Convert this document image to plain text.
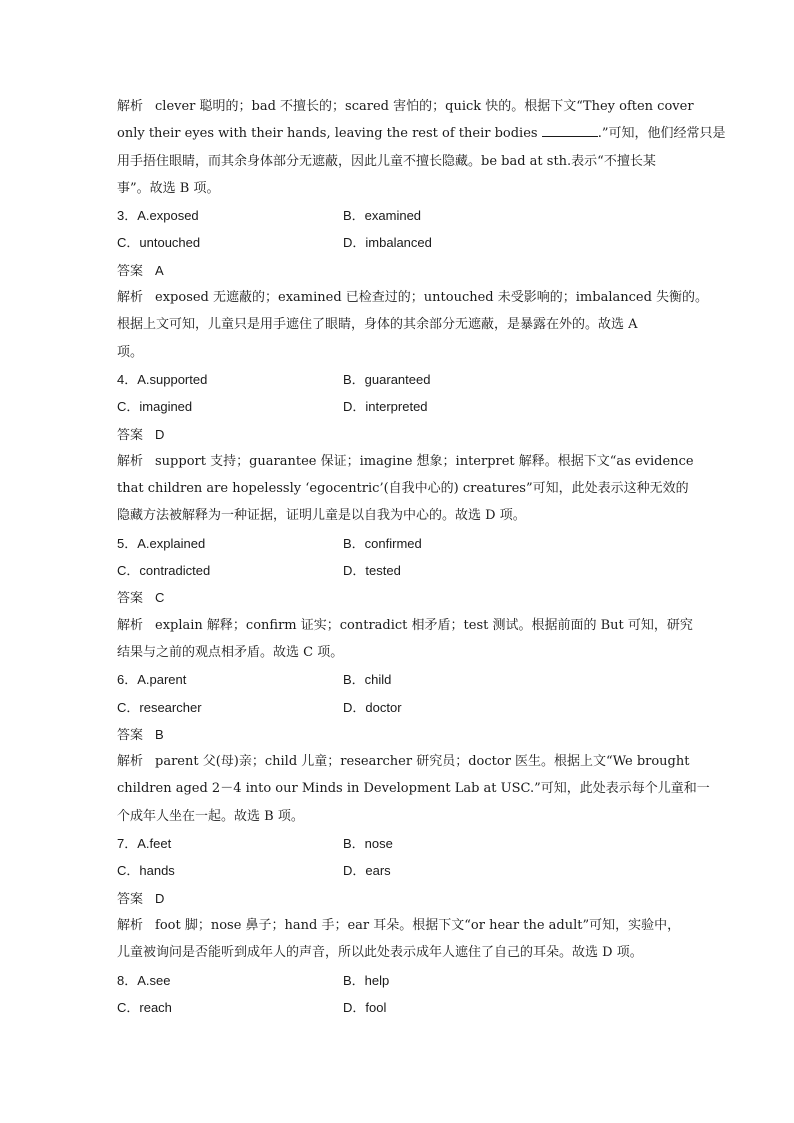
解析 clever 聪明的；bad 不擅长的；scared 害怕的；quick 快的。根据下文“They often cover
only their eyes with their hands, leaving the rest of their bodies	.”可知，他们经常只是
用手捂住眼睛，而其余身体部分无遮蔽，因此儿童不擅长隐藏。be bad at sth.表示“不擅长某
事”。故选 B 项。
3．A.exposed	B．examined
C．untouched	D．imbalanced
答案 A
解析 exposed 无遮蔽的；examined 已检查过的；untouched 未受影响的；imbalanced 失衡的。
根据上文可知，儿童只是用手遮住了眼睛，身体的其余部分无遮蔽，是暴露在外的。故选 A
项。
4．A.supported	B．guaranteed
C．imagined	D．interpreted
答案 D
解析 support 支持；guarantee 保证；imagine 想象；interpret 解释。根据下文“as evidence
that children are hopelessly ‘egocentric’(自我中心的) creatures”可知，此处表示这种无效的
隐藏方法被解释为一种证据，证明儿童是以自我为中心的。故选 D 项。
5．A.explained	B．confirmed
C．contradicted	D．tested
答案 C
解析 explain 解释；confirm 证实；contradict 相矛盾；test 测试。根据前面的 But 可知，研究
结果与之前的观点相矛盾。故选 C 项。
6．A.parent	B．child
C．researcher	D．doctor
答案 B
解析 parent 父(母)亲；child 儿童；researcher 研究员；doctor 医生。根据上文“We brought
children aged 2－4 into our Minds in Development Lab at USC.”可知，此处表示每个儿童和一
个成年人坐在一起。故选 B 项。
7．A.feet	B．nose
C．hands	D．ears
答案 D
解析 foot 脚；nose 鼻子；hand 手；ear 耳朵。根据下文“or hear the adult”可知，实验中，
儿童被询问是否能听到成年人的声音，所以此处表示成年人遮住了自己的耳朵。故选 D 项。
8．A.see	B．help
C．reach	D．fool
